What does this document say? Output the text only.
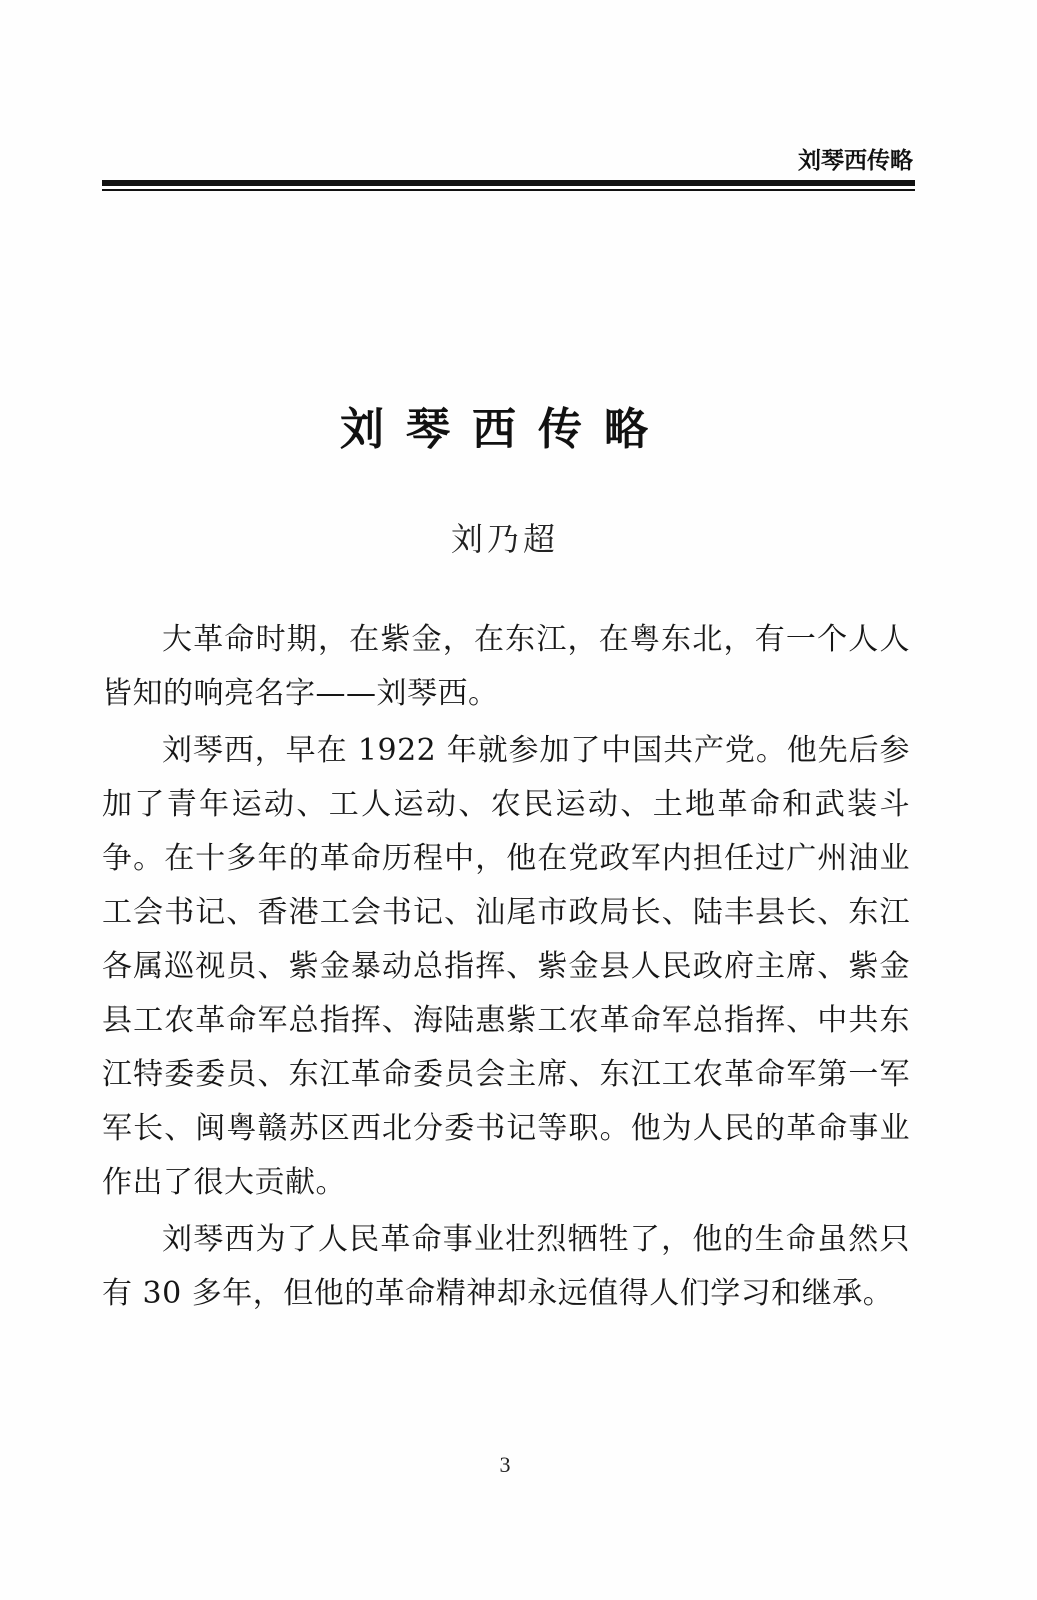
刘琴西传略
刘琴西传略
刘乃超

大革命时期，在紫金，在东江，在粤东北，有一个人人皆知的响亮名字——刘琴西。

刘琴西，早在 1922 年就参加了中国共产党。他先后参加了青年运动、工人运动、农民运动、土地革命和武装斗争。在十多年的革命历程中，他在党政军内担任过广州油业工会书记、香港工会书记、汕尾市政局长、陆丰县长、东江各属巡视员、紫金暴动总指挥、紫金县人民政府主席、紫金县工农革命军总指挥、海陆惠紫工农革命军总指挥、中共东江特委委员、东江革命委员会主席、东江工农革命军第一军军长、闽粤赣苏区西北分委书记等职。他为人民的革命事业作出了很大贡献。

刘琴西为了人民革命事业壮烈牺牲了，他的生命虽然只有 30 多年，但他的革命精神却永远值得人们学习和继承。

3
